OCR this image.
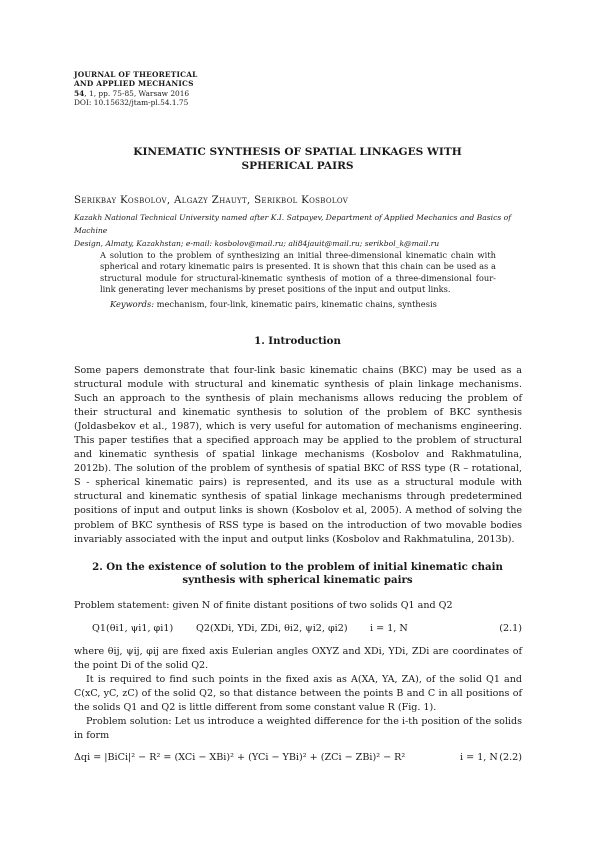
JOURNAL OF THEORETICAL
AND APPLIED MECHANICS
54, 1, pp. 75-85, Warsaw 2016
DOI: 10.15632/jtam-pl.54.1.75
KINEMATIC SYNTHESIS OF SPATIAL LINKAGES WITH
SPHERICAL PAIRS
Serikbay Kosbolov, Algazy Zhauyt, Serikbol Kosbolov
Kazakh National Technical University named after K.I. Satpayev, Department of Applied Mechanics and Basics of Machine
Design, Almaty, Kazakhstan; e-mail: kosbolov@mail.ru; ali84jauit@mail.ru; serikbol_k@mail.ru

A solution to the problem of synthesizing an initial three-dimensional kinematic chain with spherical and rotary kinematic pairs is presented. It is shown that this chain can be used as a structural module for structural-kinematic synthesis of motion of a three-dimensional four-link generating lever mechanisms by preset positions of the input and output links.

Keywords: mechanism, four-link, kinematic pairs, kinematic chains, synthesis

1. Introduction

Some papers demonstrate that four-link basic kinematic chains (BKC) may be used as a structural module with structural and kinematic synthesis of plain linkage mechanisms. Such an approach to the synthesis of plain mechanisms allows reducing the problem of their structural and kinematic synthesis to solution of the problem of BKC synthesis (Joldasbekov et al., 1987), which is very useful for automation of mechanisms engineering. This paper testifies that a specified approach may be applied to the problem of structural and kinematic synthesis of spatial linkage mechanisms (Kosbolov and Rakhmatulina, 2012b). The solution of the problem of synthesis of spatial BKC of RSS type (R – rotational, S - spherical kinematic pairs) is represented, and its use as a structural module with structural and kinematic synthesis of spatial linkage mechanisms through predetermined positions of input and output links is shown (Kosbolov et al, 2005). A method of solving the problem of BKC synthesis of RSS type is based on the introduction of two movable bodies invariably associated with the input and output links (Kosbolov and Rakhmatulina, 2013b).

2. On the existence of solution to the problem of initial kinematic chain
synthesis with spherical kinematic pairs

Problem statement: given N of finite distant positions of two solids Q1 and Q2

Q1(θi1, ψi1, φi1) Q2(XDi, YDi, ZDi, θi2, ψi2, φi2) i = 1, N	(2.1)

where θij, ψij, φij are fixed axis Eulerian angles OXYZ and XDi, YDi, ZDi are coordinates of the point Di of the solid Q2.

It is required to find such points in the fixed axis as A(XA, YA, ZA), of the solid Q1 and C(xC, yC, zC) of the solid Q2, so that distance between the points B and C in all positions of the solids Q1 and Q2 is little different from some constant value R (Fig. 1).

Problem solution: Let us introduce a weighted difference for the i-th position of the solids in form

Δqi = |BiCi|² − R² = (XCi − XBi)² + (YCi − YBi)² + (ZCi − ZBi)² − R²	i = 1, N (2.2)
